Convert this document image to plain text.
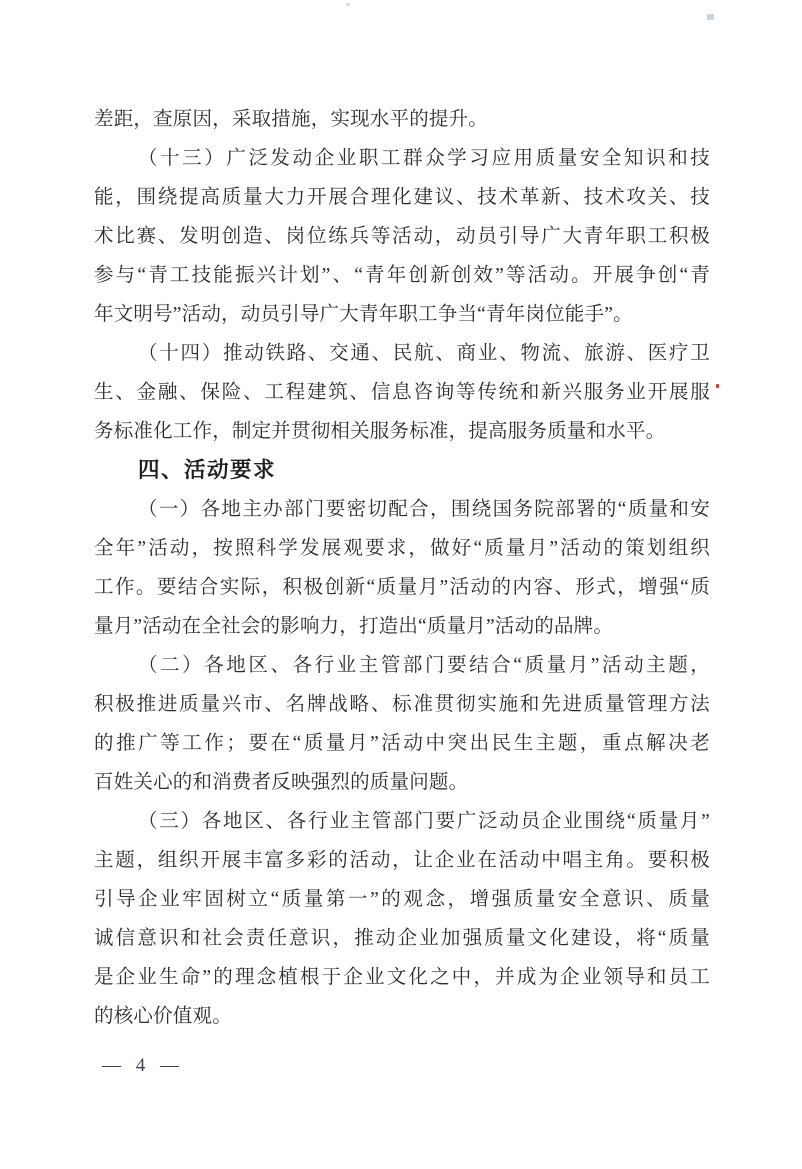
差距，查原因，采取措施，实现水平的提升。
（十三）广泛发动企业职工群众学习应用质量安全知识和技
能，围绕提高质量大力开展合理化建议、技术革新、技术攻关、技
术比赛、发明创造、岗位练兵等活动，动员引导广大青年职工积极
参与“青工技能振兴计划”、“青年创新创效”等活动。开展争创“青
年文明号”活动，动员引导广大青年职工争当“青年岗位能手”。
（十四）推动铁路、交通、民航、商业、物流、旅游、医疗卫
生、金融、保险、工程建筑、信息咨询等传统和新兴服务业开展服
务标准化工作，制定并贯彻相关服务标准，提高服务质量和水平。
四、活动要求
（一）各地主办部门要密切配合，围绕国务院部署的“质量和安
全年”活动，按照科学发展观要求，做好“质量月”活动的策划组织
工作。要结合实际，积极创新“质量月”活动的内容、形式，增强“质
量月”活动在全社会的影响力，打造出“质量月”活动的品牌。
（二）各地区、各行业主管部门要结合“质量月”活动主题，
积极推进质量兴市、名牌战略、标准贯彻实施和先进质量管理方法
的推广等工作；要在“质量月”活动中突出民生主题，重点解决老
百姓关心的和消费者反映强烈的质量问题。
（三）各地区、各行业主管部门要广泛动员企业围绕“质量月”
主题，组织开展丰富多彩的活动，让企业在活动中唱主角。要积极
引导企业牢固树立“质量第一”的观念，增强质量安全意识、质量
诚信意识和社会责任意识，推动企业加强质量文化建设，将“质量
是企业生命”的理念植根于企业文化之中，并成为企业领导和员工
的核心价值观。
— 4 —
